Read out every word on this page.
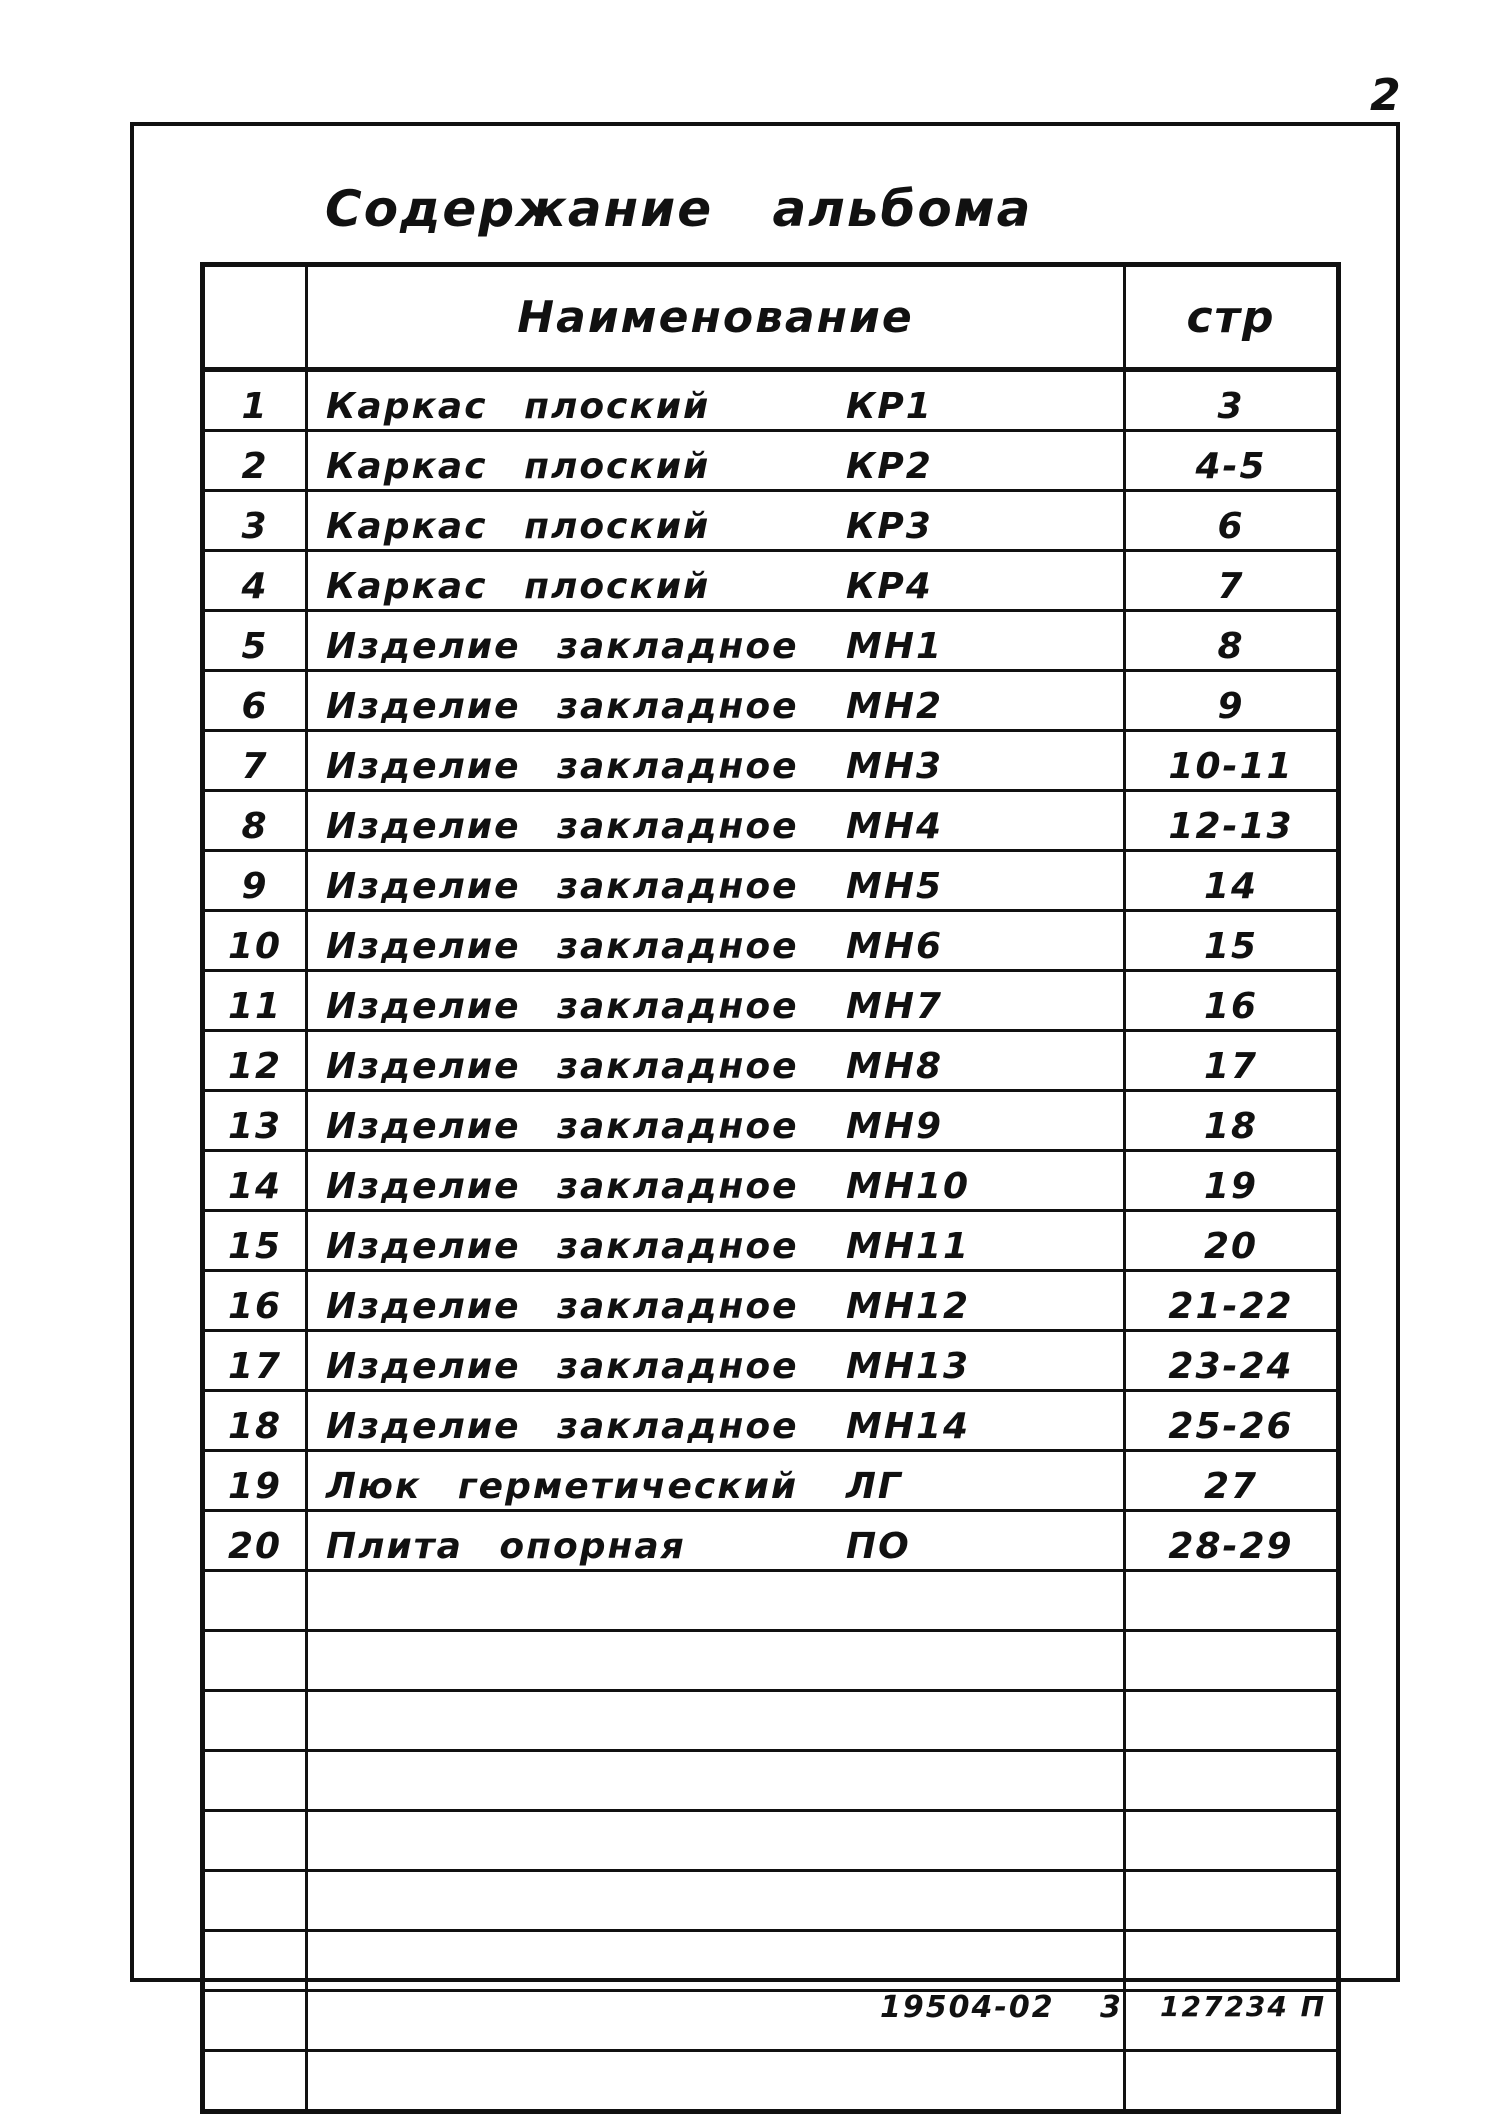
2
Содержание альбома
	Наименование	стр
1	Каркас плоский КР1	3
2	Каркас плоский КР2	4-5
3	Каркас плоский КР3	6
4	Каркас плоский КР4	7
5	Изделие закладное МН1	8
6	Изделие закладное МН2	9
7	Изделие закладное МН3	10-11
8	Изделие закладное МН4	12-13
9	Изделие закладное МН5	14
10	Изделие закладное МН6	15
11	Изделие закладное МН7	16
12	Изделие закладное МН8	17
13	Изделие закладное МН9	18
14	Изделие закладное МН10	19
15	Изделие закладное МН11	20
16	Изделие закладное МН12	21-22
17	Изделие закладное МН13	23-24
18	Изделие закладное МН14	25-26
19	Люк герметический ЛГ	27
20	Плита опорная ПО	28-29

19504-02 3 127234 П
